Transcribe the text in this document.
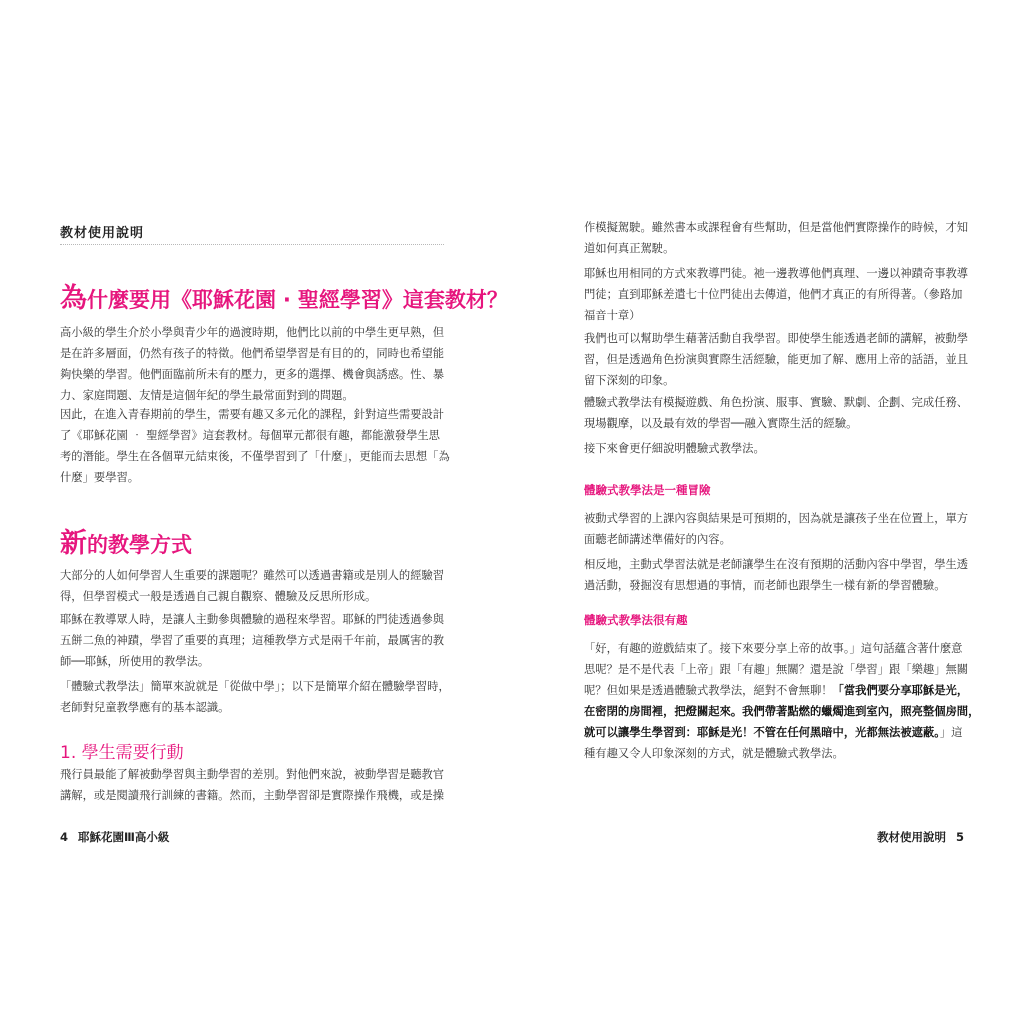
教材使用說明
為什麼要用《耶穌花園 ‧ 聖經學習》這套教材？
高小級的學生介於小學與青少年的過渡時期，他們比以前的中學生更早熟，但
是在許多層面，仍然有孩子的特徵。他們希望學習是有目的的，同時也希望能
夠快樂的學習。他們面臨前所未有的壓力，更多的選擇、機會與誘惑。性、暴
力、家庭問題、友情是這個年紀的學生最常面對到的問題。
因此，在進入青春期前的學生，需要有趣又多元化的課程，針對這些需要設計
了《耶穌花園 ‧ 聖經學習》這套教材。每個單元都很有趣，都能激發學生思
考的潛能。學生在各個單元結束後，不僅學習到了「什麼」，更能而去思想「為
什麼」要學習。
新的教學方式
大部分的人如何學習人生重要的課題呢？雖然可以透過書籍或是別人的經驗習
得，但學習模式一般是透過自己親自觀察、體驗及反思所形成。
耶穌在教導眾人時，是讓人主動參與體驗的過程來學習。耶穌的門徒透過參與
五餅二魚的神蹟，學習了重要的真理；這種教學方式是兩千年前，最厲害的教
師──耶穌，所使用的教學法。
「體驗式教學法」簡單來說就是「從做中學」；以下是簡單介紹在體驗學習時，
老師對兒童教學應有的基本認識。
1. 學生需要行動
飛行員最能了解被動學習與主動學習的差別。對他們來說，被動學習是聽教官
講解，或是閱讀飛行訓練的書籍。然而，主動學習卻是實際操作飛機，或是操
4 耶穌花園Ⅲ高小級
作模擬駕駛。雖然書本或課程會有些幫助，但是當他們實際操作的時候，才知
道如何真正駕駛。
耶穌也用相同的方式來教導門徒。祂一邊教導他們真理、一邊以神蹟奇事教導
門徒；直到耶穌差遣七十位門徒出去傳道，他們才真正的有所得著。（參路加
福音十章）
我們也可以幫助學生藉著活動自我學習。即使學生能透過老師的講解，被動學
習，但是透過角色扮演與實際生活經驗，能更加了解、應用上帝的話語，並且
留下深刻的印象。
體驗式教學法有模擬遊戲、角色扮演、服事、實驗、默劇、企劃、完成任務、
現場觀摩，以及最有效的學習──融入實際生活的經驗。
接下來會更仔細說明體驗式教學法。
體驗式教學法是一種冒險
被動式學習的上課內容與結果是可預期的，因為就是讓孩子坐在位置上，單方
面聽老師講述準備好的內容。
相反地，主動式學習法就是老師讓學生在沒有預期的活動內容中學習，學生透
過活動，發掘沒有思想過的事情，而老師也跟學生一樣有新的學習體驗。
體驗式教學法很有趣
「好，有趣的遊戲結束了。接下來要分享上帝的故事。」這句話蘊含著什麼意
思呢？是不是代表「上帝」跟「有趣」無關？還是說「學習」跟「樂趣」無關
呢？但如果是透過體驗式教學法，絕對不會無聊！「當我們要分享耶穌是光，
在密閉的房間裡，把燈關起來。我們帶著點燃的蠟燭進到室內，照亮整個房間，
就可以讓學生學習到：耶穌是光！不管在任何黑暗中，光都無法被遮蔽。」這
種有趣又令人印象深刻的方式，就是體驗式教學法。
教材使用說明 5
